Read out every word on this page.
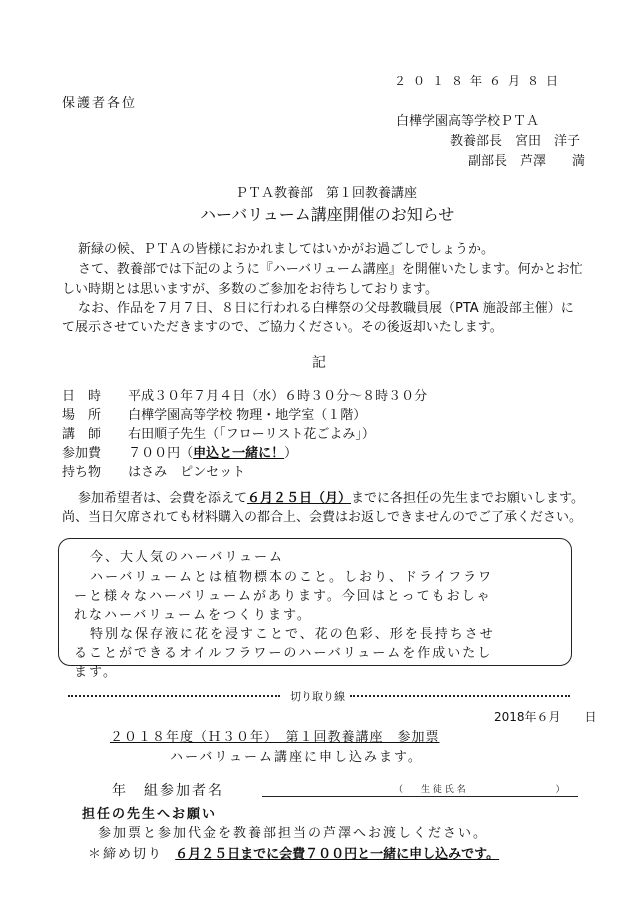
２０１８年６月８日
保護者各位
白樺学園高等学校ＰＴＡ
教養部長　宮田　洋子
副部長　芦澤　　満
ＰＴＡ教養部　第１回教養講座
ハーバリューム講座開催のお知らせ
新緑の候、ＰＴＡの皆様におかれましてはいかがお過ごしでしょうか。
さて、教養部では下記のように『ハーバリューム講座』を開催いたします。何かとお忙
しい時期とは思いますが、多数のご参加をお待ちしております。
なお、作品を７月７日、８日に行われる白樺祭の父母教職員展（PTA 施設部主催）に
て展示させていただきますので、ご協力ください。その後返却いたします。
記
日　時 平成３０年７月４日（水）６時３０分～８時３０分
場　所 白樺学園高等学校 物理・地学室（１階）
講　師 右田順子先生（「フローリスト花ごよみ」）
参加費 ７００円（申込と一緒に！）
持ち物 はさみ　ピンセット
参加希望者は、会費を添えて６月２５日（月）までに各担任の先生までお願いします。
尚、当日欠席されても材料購入の都合上、会費はお返しできませんのでご了承ください。
今、大人気のハーバリューム
ハーバリュームとは植物標本のこと。しおり、ドライフラワ
ーと様々なハーバリュームがあります。今回はとってもおしゃ
れなハーバリュームをつくります。
特別な保存液に花を浸すことで、花の色彩、形を長持ちさせ
ることができるオイルフラワーのハーバリュームを作成いたし
ます。
切り取り線
2018年６月　　日
２０１８年度（Ｈ３０年）　第１回教養講座　参加票
ハーバリューム講座に申し込みます。
年　組参加者名	（　　生 徒 氏 名　　　　　　　　　　）
担任の先生へお願い
参加票と参加代金を教養部担当の芦澤へお渡しください。
＊締め切り ６月２５日までに会費７００円と一緒に申し込みです。
